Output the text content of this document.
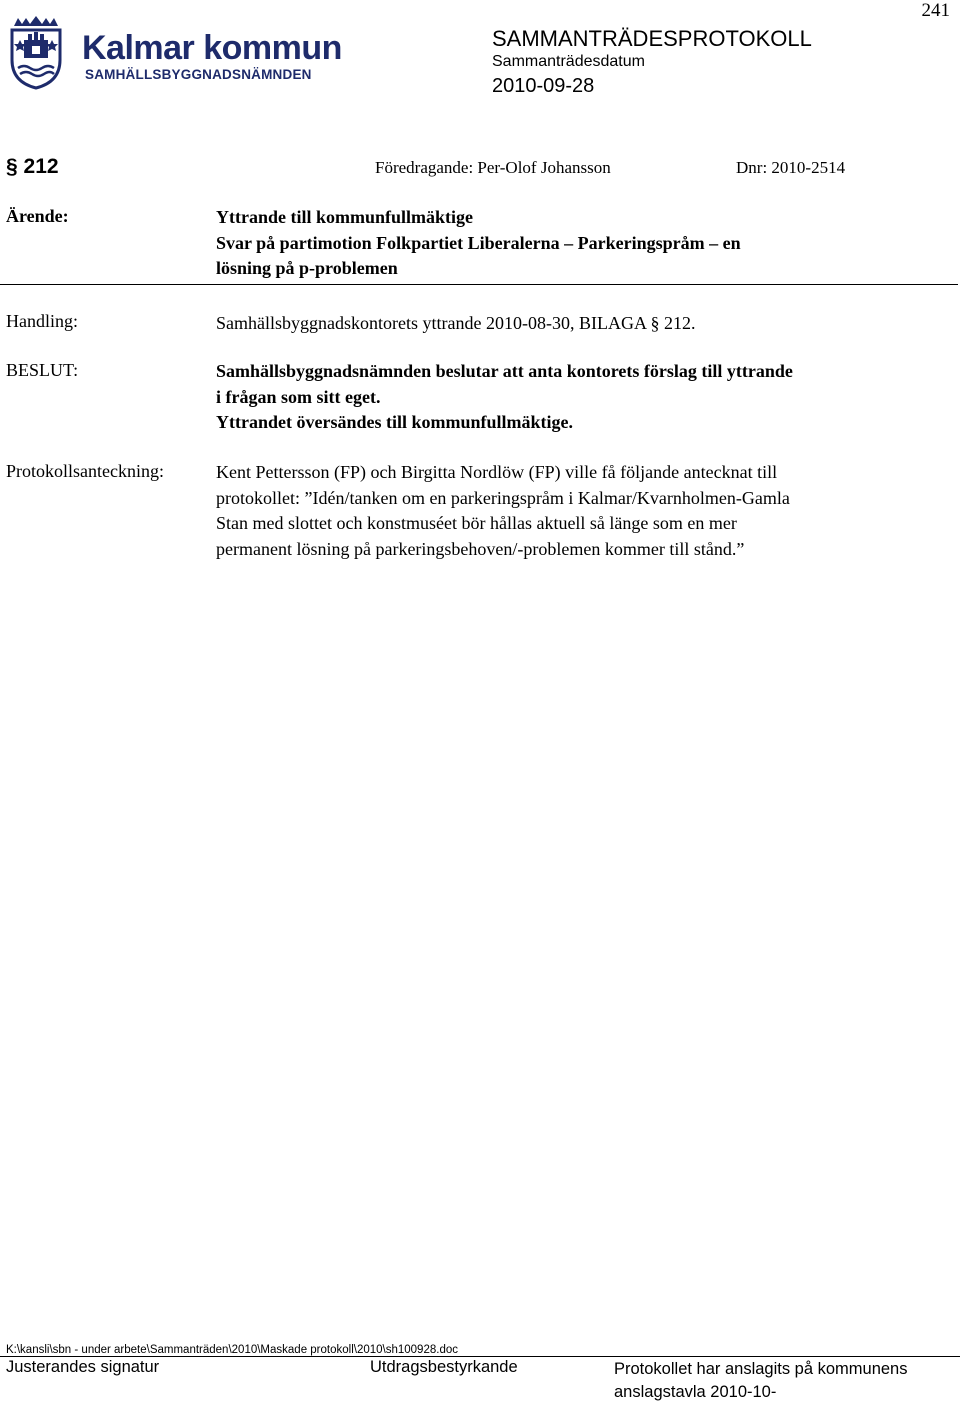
241
Kalmar kommun
SAMHÄLLSBYGGNADSNÄMNDEN
SAMMANTRÄDESPROTOKOLL
Sammanträdesdatum
2010-09-28
§ 212	Föredragande: Per-Olof Johansson	Dnr: 2010-2514
Ärende:	Yttrande till kommunfullmäktige
Svar på partimotion Folkpartiet Liberalerna – Parkeringspråm – en
lösning på p-problemen
Handling:	Samhällsbyggnadskontorets yttrande 2010-08-30, BILAGA § 212.
BESLUT:	Samhällsbyggnadsnämnden beslutar att anta kontorets förslag till yttrande
i frågan som sitt eget.
Yttrandet översändes till kommunfullmäktige.
Protokollsanteckning:	Kent Pettersson (FP) och Birgitta Nordlöw (FP) ville få följande antecknat till
protokollet: ”Idén/tanken om en parkeringspråm i Kalmar/Kvarnholmen-Gamla
Stan med slottet och konstmuséet bör hållas aktuell så länge som en mer
permanent lösning på parkeringsbehoven/-problemen kommer till stånd.”
K:\kansli\sbn - under arbete\Sammanträden\2010\Maskade protokoll\2010\sh100928.doc
Justerandes signatur	Utdragsbestyrkande	Protokollet har anslagits på kommunens
anslagstavla 2010-10-
